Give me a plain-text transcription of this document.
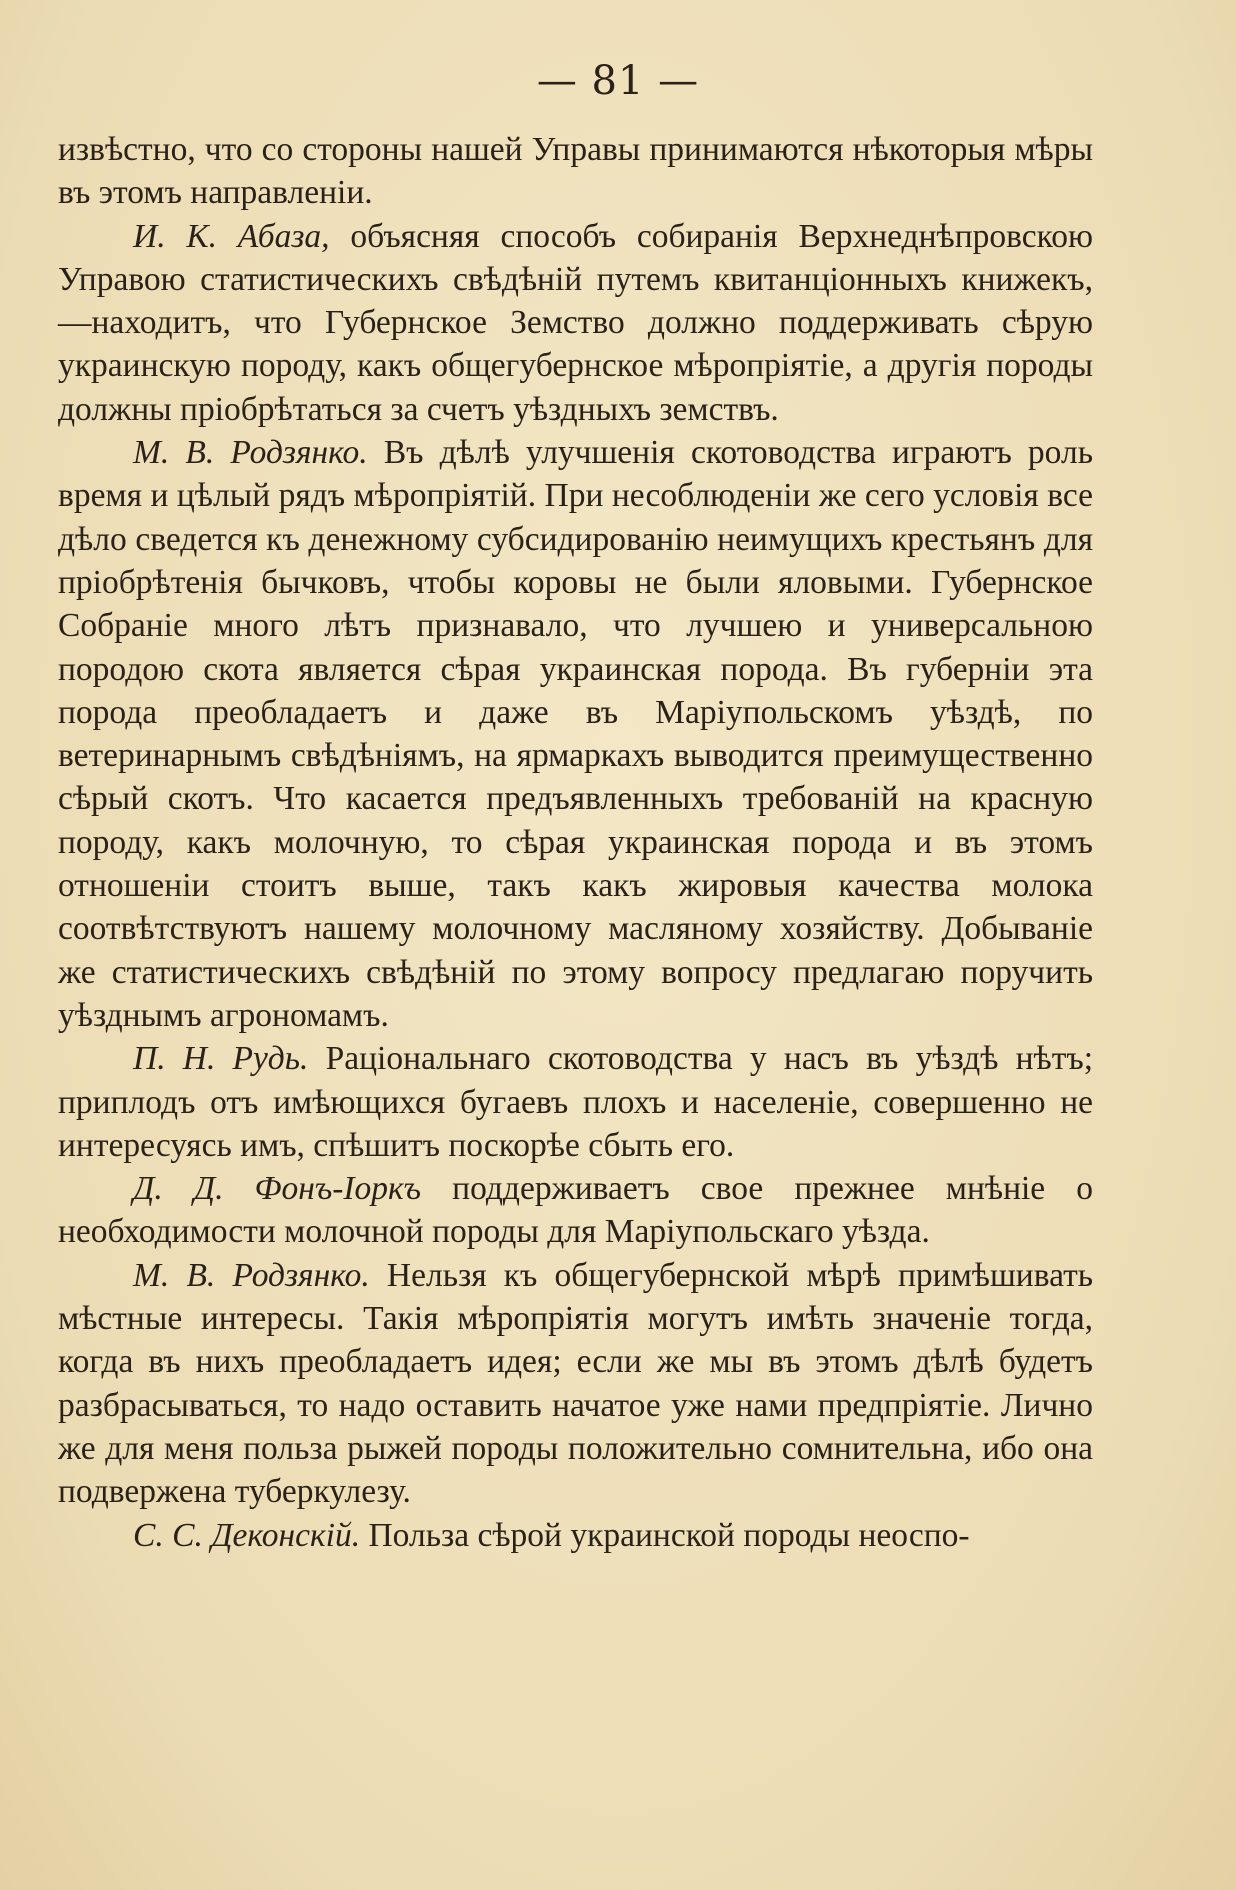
— 81 —

извѣстно, что со стороны нашей Управы принимаются нѣкоторыя мѣры въ этомъ направленіи.

И. К. Абаза, объясняя способъ собиранія Верхнеднѣпровскою Управою статистическихъ свѣдѣній путемъ квитанціонныхъ книжекъ,—находитъ, что Губернское Земство должно поддерживать сѣрую украинскую породу, какъ общегубернское мѣропріятіе, а другія породы должны пріобрѣтаться за счетъ уѣздныхъ земствъ.

М. В. Родзянко. Въ дѣлѣ улучшенія скотоводства играютъ роль время и цѣлый рядъ мѣропріятій. При несоблюденіи же сего условія все дѣло сведется къ денежному субсидированію неимущихъ крестьянъ для пріобрѣтенія бычковъ, чтобы коровы не были яловыми. Губернское Собраніе много лѣтъ признавало, что лучшею и универсальною породою скота является сѣрая украинская порода. Въ губерніи эта порода преобладаетъ и даже въ Маріупольскомъ уѣздѣ, по ветеринарнымъ свѣдѣніямъ, на ярмаркахъ выводится преимущественно сѣрый скотъ. Что касается предъявленныхъ требованій на красную породу, какъ молочную, то сѣрая украинская порода и въ этомъ отношеніи стоитъ выше, такъ какъ жировыя качества молока соотвѣтствуютъ нашему молочному масляному хозяйству. Добываніе же статистическихъ свѣдѣній по этому вопросу предлагаю поручить уѣзднымъ агрономамъ.

П. Н. Рудь. Раціональнаго скотоводства у насъ въ уѣздѣ нѣтъ; приплодъ отъ имѣющихся бугаевъ плохъ и населеніе, совершенно не интересуясь имъ, спѣшитъ поскорѣе сбыть его.

Д. Д. Фонъ-Іоркъ поддерживаетъ свое прежнее мнѣніе о необходимости молочной породы для Маріупольскаго уѣзда.

М. В. Родзянко. Нельзя къ общегубернской мѣрѣ примѣшивать мѣстные интересы. Такія мѣропріятія могутъ имѣть значеніе тогда, когда въ нихъ преобладаетъ идея; если же мы въ этомъ дѣлѣ будетъ разбрасываться, то надо оставить начатое уже нами предпріятіе. Лично же для меня польза рыжей породы положительно сомнительна, ибо она подвержена туберкулезу.

С. С. Деконскій. Польза сѣрой украинской породы неоспо-
